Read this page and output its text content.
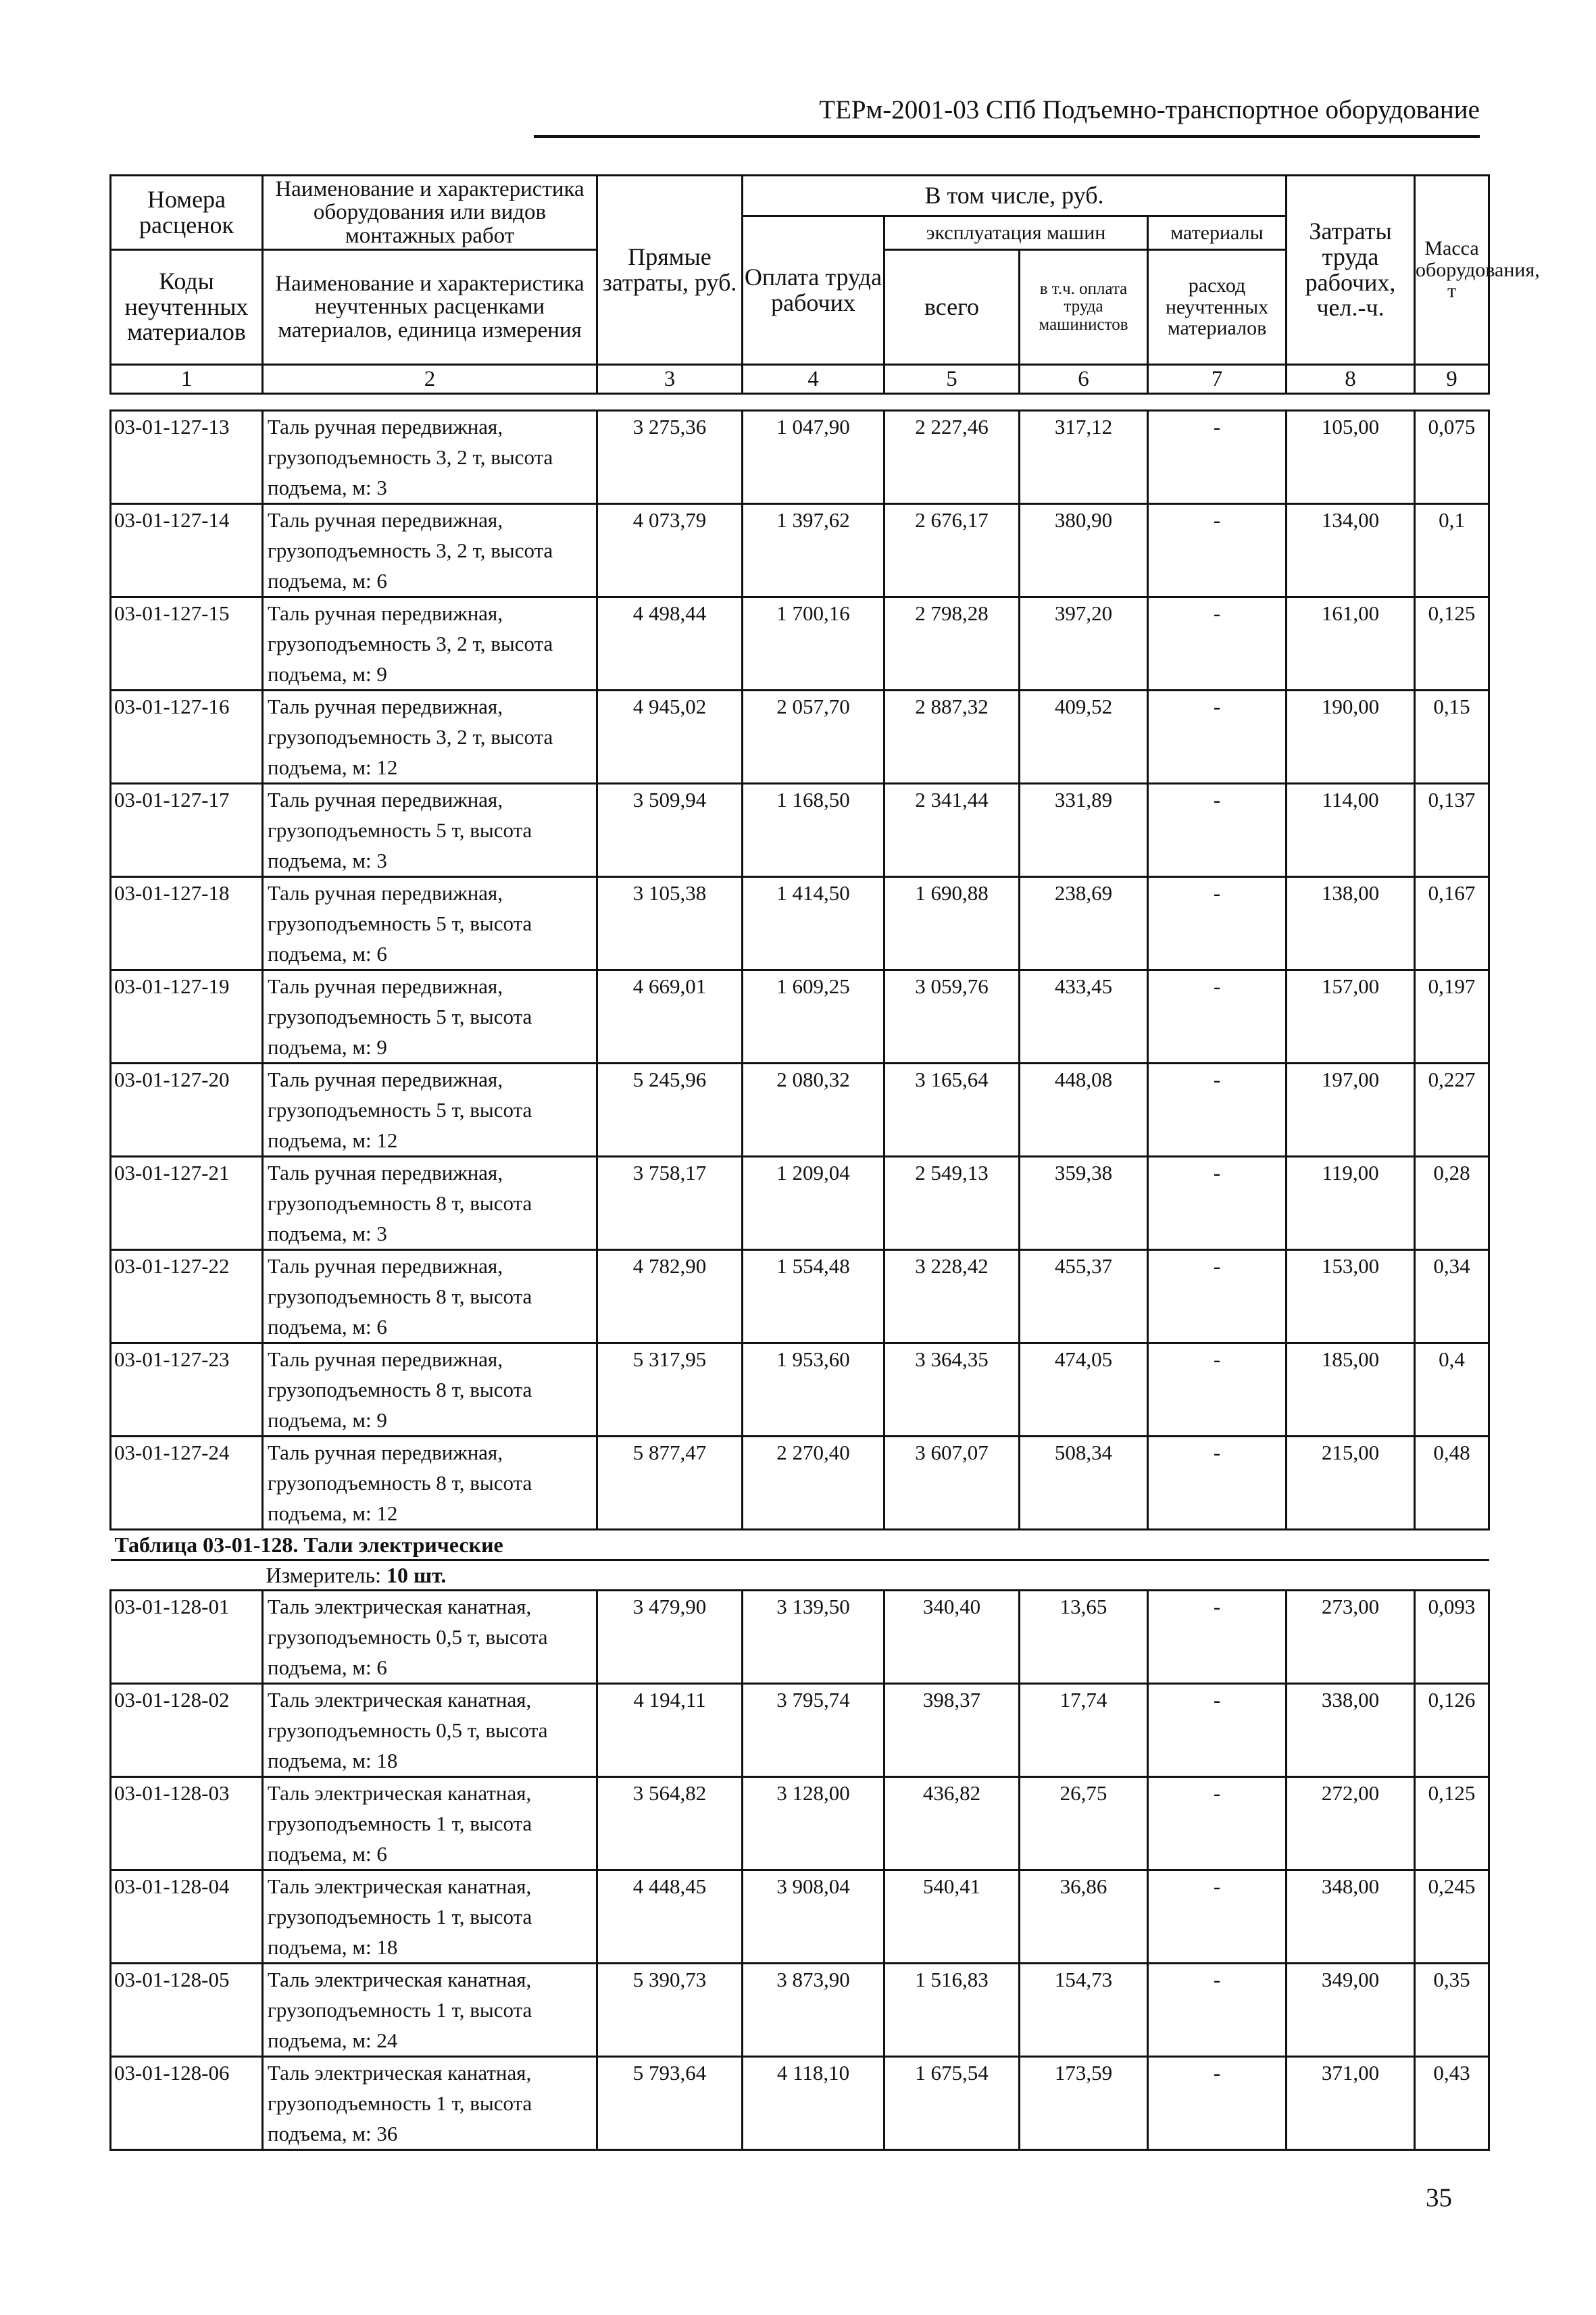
ТЕРм-2001-03 СПб Подъемно-транспортное оборудование
Номера расценок	Наименование и характеристика оборудования или видов монтажных работ	Прямые затраты, руб.	В том числе, руб.				Затраты труда рабочих, чел.-ч.	Масса оборудования, т
			Оплата труда рабочих	эксплуатация машин		материалы		
Коды неучтенных материалов	Наименование и характеристика неучтенных расценками материалов, единица измерения			всего	в т.ч. оплата труда машинистов	расход неучтенных материалов		

1	2	3	4	5	6	7	8	9

03-01-127-13	Таль ручная передвижная, грузоподъемность 3, 2 т, высота подъема, м: 3	3 275,36	1 047,90	2 227,46	317,12	-	105,00	0,075
03-01-127-14	Таль ручная передвижная, грузоподъемность 3, 2 т, высота подъема, м: 6	4 073,79	1 397,62	2 676,17	380,90	-	134,00	0,1
03-01-127-15	Таль ручная передвижная, грузоподъемность 3, 2 т, высота подъема, м: 9	4 498,44	1 700,16	2 798,28	397,20	-	161,00	0,125
03-01-127-16	Таль ручная передвижная, грузоподъемность 3, 2 т, высота подъема, м: 12	4 945,02	2 057,70	2 887,32	409,52	-	190,00	0,15
03-01-127-17	Таль ручная передвижная, грузоподъемность 5 т, высота подъема, м: 3	3 509,94	1 168,50	2 341,44	331,89	-	114,00	0,137
03-01-127-18	Таль ручная передвижная, грузоподъемность 5 т, высота подъема, м: 6	3 105,38	1 414,50	1 690,88	238,69	-	138,00	0,167
03-01-127-19	Таль ручная передвижная, грузоподъемность 5 т, высота подъема, м: 9	4 669,01	1 609,25	3 059,76	433,45	-	157,00	0,197
03-01-127-20	Таль ручная передвижная, грузоподъемность 5 т, высота подъема, м: 12	5 245,96	2 080,32	3 165,64	448,08	-	197,00	0,227
03-01-127-21	Таль ручная передвижная, грузоподъемность 8 т, высота подъема, м: 3	3 758,17	1 209,04	2 549,13	359,38	-	119,00	0,28
03-01-127-22	Таль ручная передвижная, грузоподъемность 8 т, высота подъема, м: 6	4 782,90	1 554,48	3 228,42	455,37	-	153,00	0,34
03-01-127-23	Таль ручная передвижная, грузоподъемность 8 т, высота подъема, м: 9	5 317,95	1 953,60	3 364,35	474,05	-	185,00	0,4
03-01-127-24	Таль ручная передвижная, грузоподъемность 8 т, высота подъема, м: 12	5 877,47	2 270,40	3 607,07	508,34	-	215,00	0,48
Таблица 03-01-128. Тали электрические								
Измеритель: 10 шт.								
03-01-128-01	Таль электрическая канатная, грузоподъемность 0,5 т, высота подъема, м: 6	3 479,90	3 139,50	340,40	13,65	-	273,00	0,093
03-01-128-02	Таль электрическая канатная, грузоподъемность 0,5 т, высота подъема, м: 18	4 194,11	3 795,74	398,37	17,74	-	338,00	0,126
03-01-128-03	Таль электрическая канатная, грузоподъемность 1 т, высота подъема, м: 6	3 564,82	3 128,00	436,82	26,75	-	272,00	0,125
03-01-128-04	Таль электрическая канатная, грузоподъемность 1 т, высота подъема, м: 18	4 448,45	3 908,04	540,41	36,86	-	348,00	0,245
03-01-128-05	Таль электрическая канатная, грузоподъемность 1 т, высота подъема, м: 24	5 390,73	3 873,90	1 516,83	154,73	-	349,00	0,35
03-01-128-06	Таль электрическая канатная, грузоподъемность 1 т, высота подъема, м: 36	5 793,64	4 118,10	1 675,54	173,59	-	371,00	0,43
35
